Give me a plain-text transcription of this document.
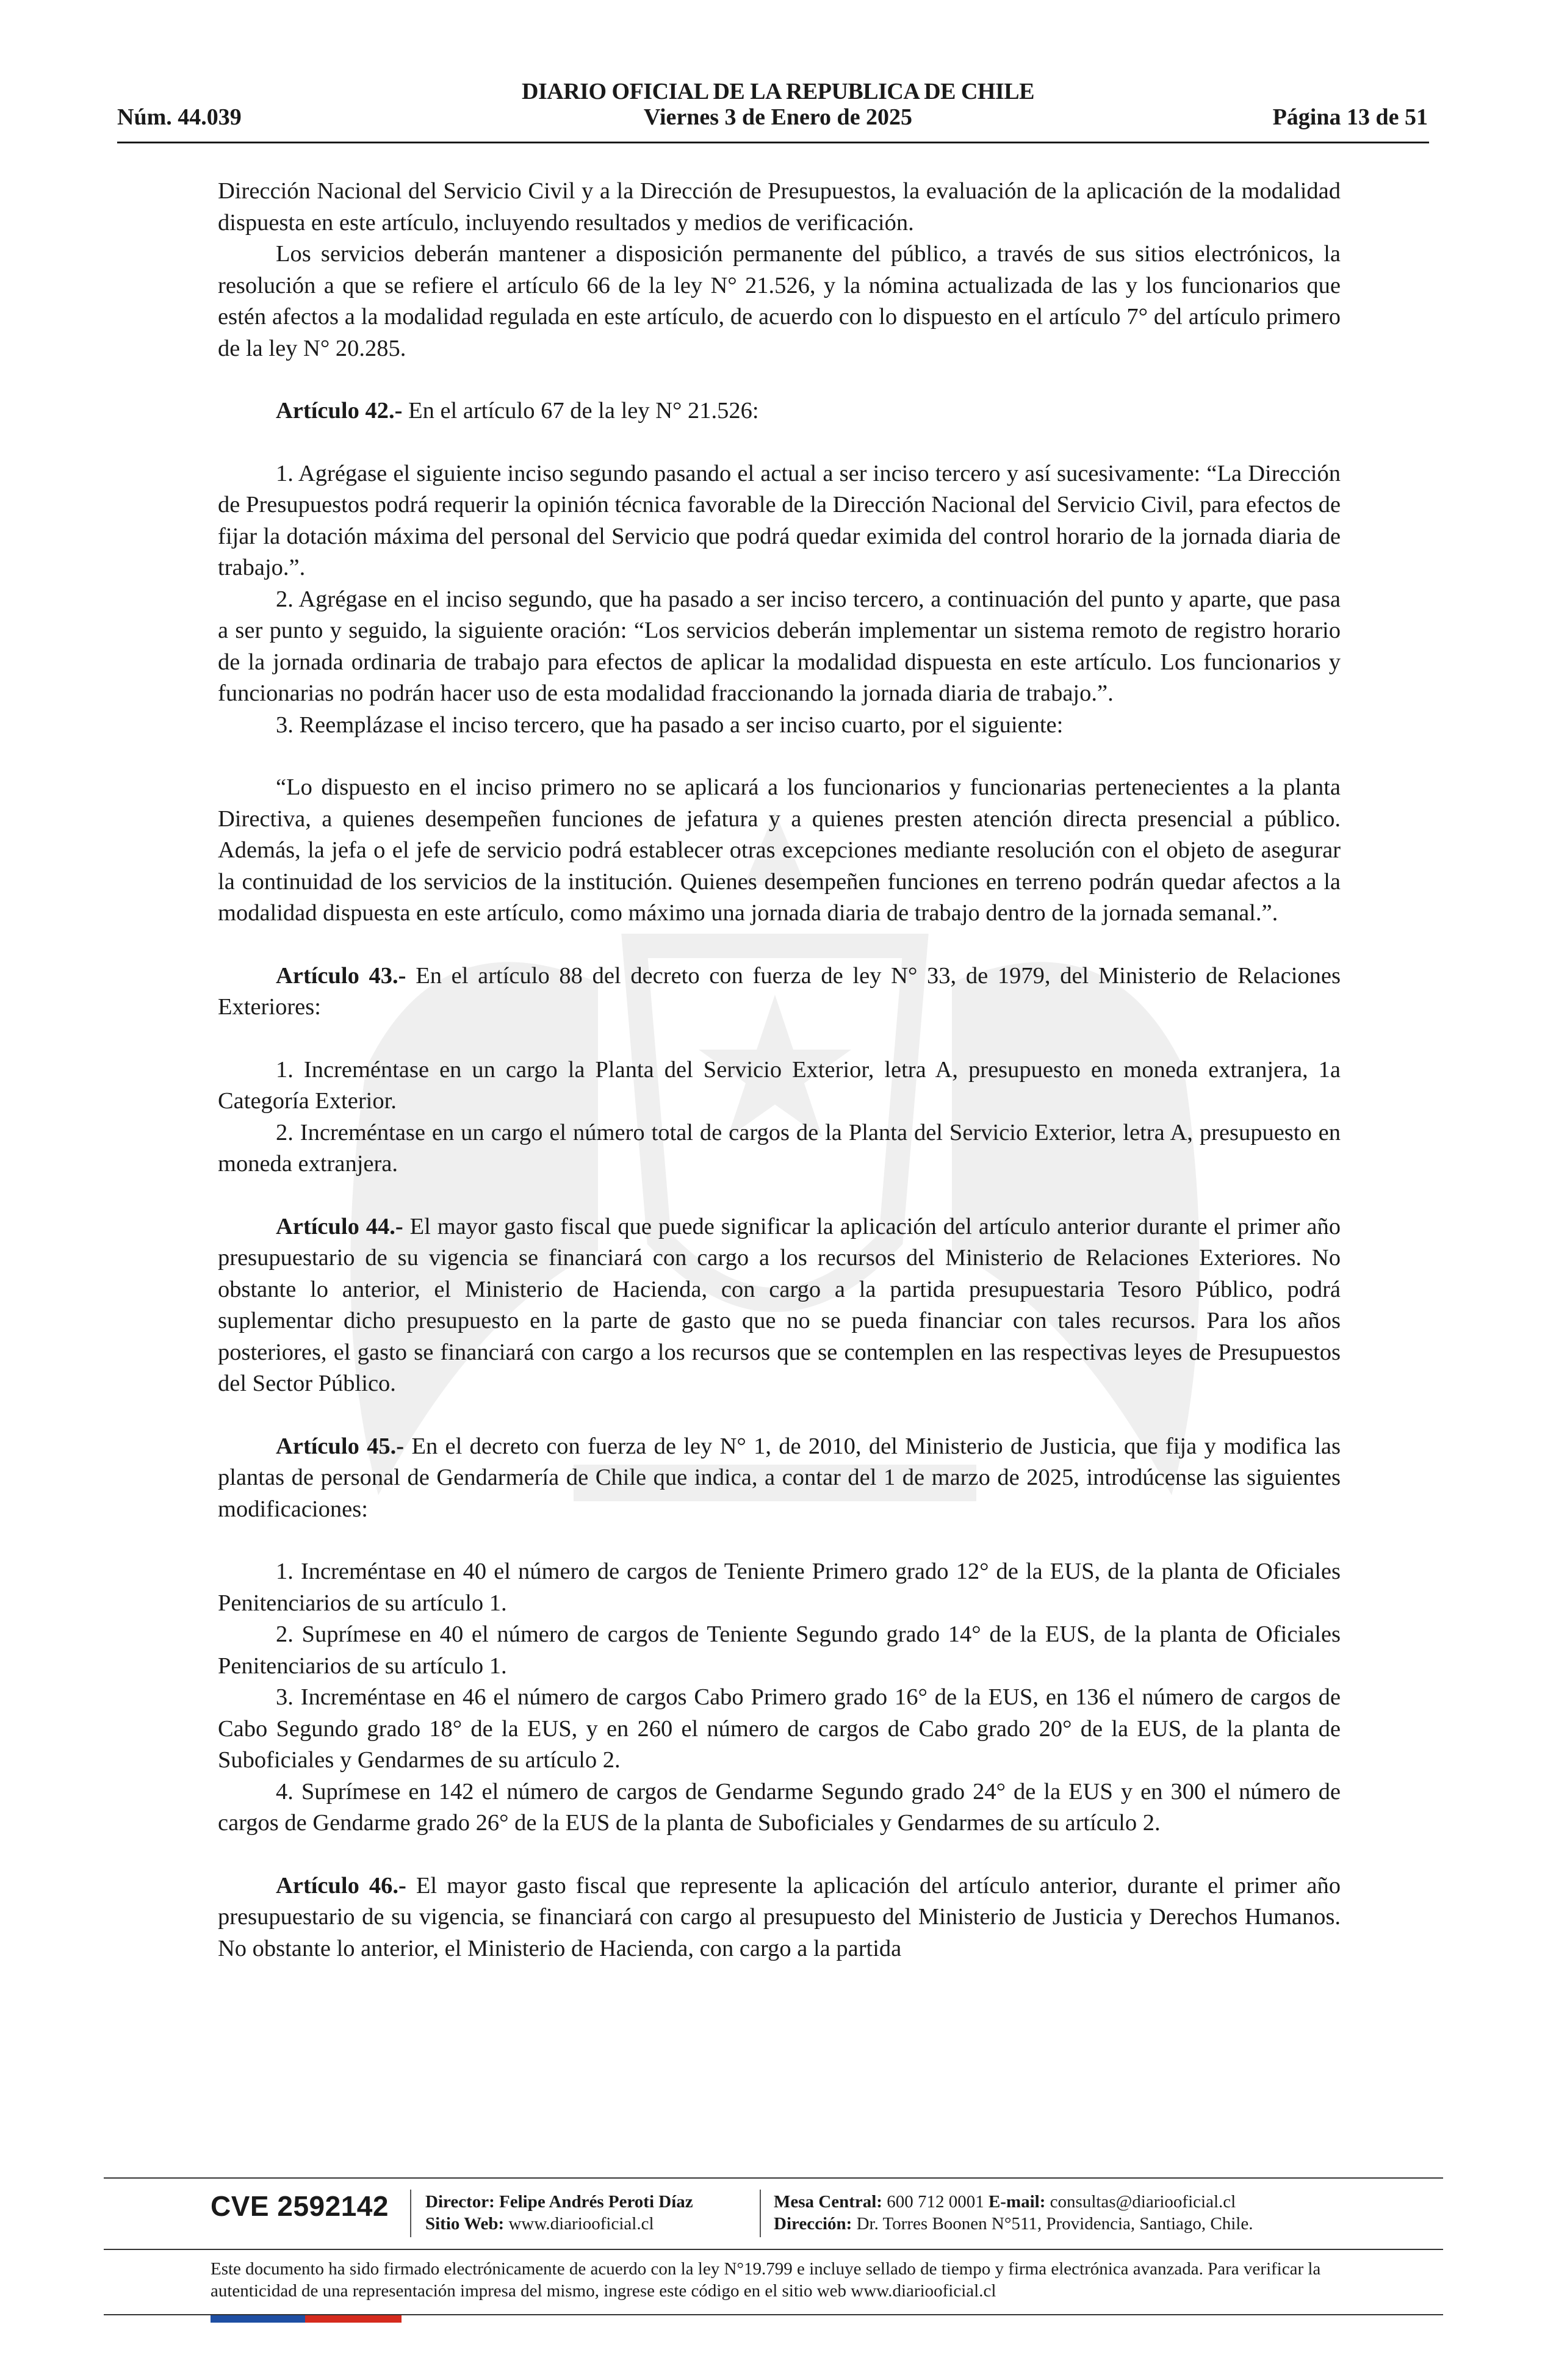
DIARIO OFICIAL DE LA REPUBLICA DE CHILE
Núm. 44.039	Viernes 3 de Enero de 2025	Página 13 de 51

Dirección Nacional del Servicio Civil y a la Dirección de Presupuestos, la evaluación de la aplicación de la modalidad dispuesta en este artículo, incluyendo resultados y medios de verificación.

Los servicios deberán mantener a disposición permanente del público, a través de sus sitios electrónicos, la resolución a que se refiere el artículo 66 de la ley N° 21.526, y la nómina actualizada de las y los funcionarios que estén afectos a la modalidad regulada en este artículo, de acuerdo con lo dispuesto en el artículo 7° del artículo primero de la ley N° 20.285.

Artículo 42.- En el artículo 67 de la ley N° 21.526:

1. Agrégase el siguiente inciso segundo pasando el actual a ser inciso tercero y así sucesivamente: “La Dirección de Presupuestos podrá requerir la opinión técnica favorable de la Dirección Nacional del Servicio Civil, para efectos de fijar la dotación máxima del personal del Servicio que podrá quedar eximida del control horario de la jornada diaria de trabajo.”.

2. Agrégase en el inciso segundo, que ha pasado a ser inciso tercero, a continuación del punto y aparte, que pasa a ser punto y seguido, la siguiente oración: “Los servicios deberán implementar un sistema remoto de registro horario de la jornada ordinaria de trabajo para efectos de aplicar la modalidad dispuesta en este artículo. Los funcionarios y funcionarias no podrán hacer uso de esta modalidad fraccionando la jornada diaria de trabajo.”.

3. Reemplázase el inciso tercero, que ha pasado a ser inciso cuarto, por el siguiente:

“Lo dispuesto en el inciso primero no se aplicará a los funcionarios y funcionarias pertenecientes a la planta Directiva, a quienes desempeñen funciones de jefatura y a quienes presten atención directa presencial a público. Además, la jefa o el jefe de servicio podrá establecer otras excepciones mediante resolución con el objeto de asegurar la continuidad de los servicios de la institución. Quienes desempeñen funciones en terreno podrán quedar afectos a la modalidad dispuesta en este artículo, como máximo una jornada diaria de trabajo dentro de la jornada semanal.”.

Artículo 43.- En el artículo 88 del decreto con fuerza de ley N° 33, de 1979, del Ministerio de Relaciones Exteriores:

1. Increméntase en un cargo la Planta del Servicio Exterior, letra A, presupuesto en moneda extranjera, 1a Categoría Exterior.

2. Increméntase en un cargo el número total de cargos de la Planta del Servicio Exterior, letra A, presupuesto en moneda extranjera.

Artículo 44.- El mayor gasto fiscal que puede significar la aplicación del artículo anterior durante el primer año presupuestario de su vigencia se financiará con cargo a los recursos del Ministerio de Relaciones Exteriores. No obstante lo anterior, el Ministerio de Hacienda, con cargo a la partida presupuestaria Tesoro Público, podrá suplementar dicho presupuesto en la parte de gasto que no se pueda financiar con tales recursos. Para los años posteriores, el gasto se financiará con cargo a los recursos que se contemplen en las respectivas leyes de Presupuestos del Sector Público.

Artículo 45.- En el decreto con fuerza de ley N° 1, de 2010, del Ministerio de Justicia, que fija y modifica las plantas de personal de Gendarmería de Chile que indica, a contar del 1 de marzo de 2025, introdúcense las siguientes modificaciones:

1. Increméntase en 40 el número de cargos de Teniente Primero grado 12° de la EUS, de la planta de Oficiales Penitenciarios de su artículo 1.

2. Suprímese en 40 el número de cargos de Teniente Segundo grado 14° de la EUS, de la planta de Oficiales Penitenciarios de su artículo 1.

3. Increméntase en 46 el número de cargos Cabo Primero grado 16° de la EUS, en 136 el número de cargos de Cabo Segundo grado 18° de la EUS, y en 260 el número de cargos de Cabo grado 20° de la EUS, de la planta de Suboficiales y Gendarmes de su artículo 2.

4. Suprímese en 142 el número de cargos de Gendarme Segundo grado 24° de la EUS y en 300 el número de cargos de Gendarme grado 26° de la EUS de la planta de Suboficiales y Gendarmes de su artículo 2.

Artículo 46.- El mayor gasto fiscal que represente la aplicación del artículo anterior, durante el primer año presupuestario de su vigencia, se financiará con cargo al presupuesto del Ministerio de Justicia y Derechos Humanos. No obstante lo anterior, el Ministerio de Hacienda, con cargo a la partida

CVE 2592142 Director: Felipe Andrés Peroti Díaz
Sitio Web: www.diariooficial.cl
Mesa Central: 600 712 0001 E-mail: consultas@diariooficial.cl
Dirección: Dr. Torres Boonen N°511, Providencia, Santiago, Chile.
Este documento ha sido firmado electrónicamente de acuerdo con la ley N°19.799 e incluye sellado de tiempo y firma electrónica avanzada. Para verificar la autenticidad de una representación impresa del mismo, ingrese este código en el sitio web www.diariooficial.cl
